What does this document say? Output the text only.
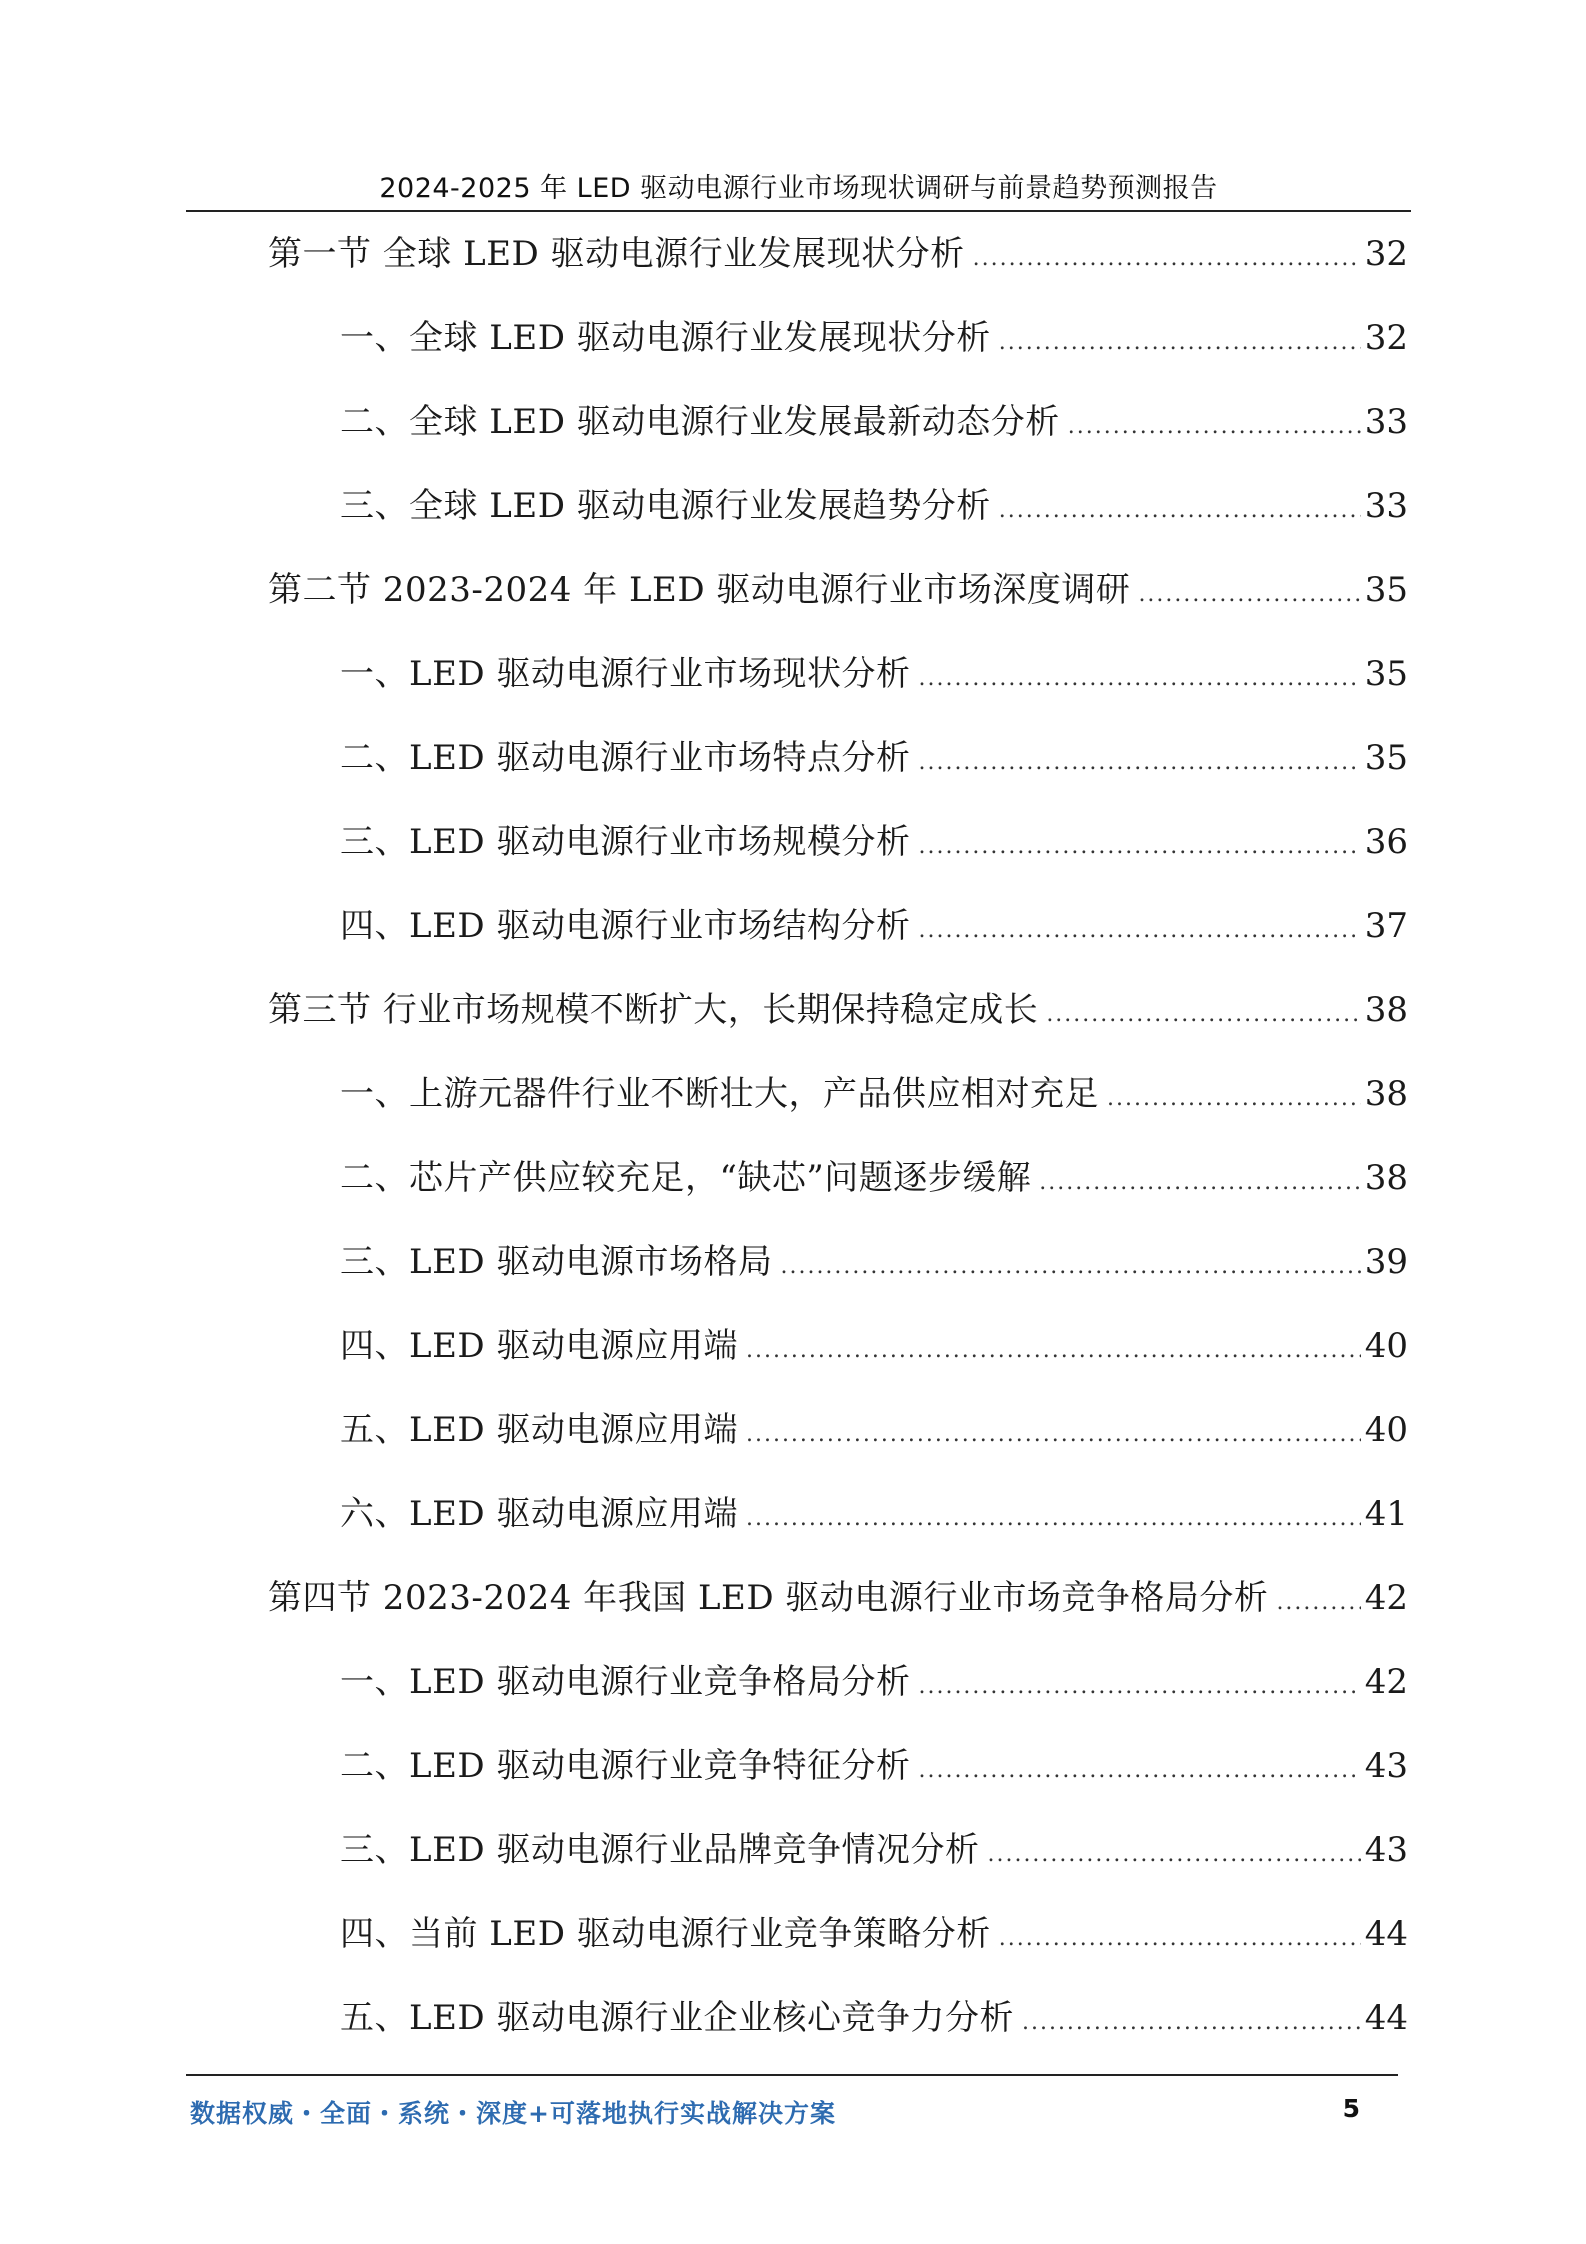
2024-2025 年 LED 驱动电源行业市场现状调研与前景趋势预测报告
第一节 全球 LED 驱动电源行业发展现状分析 .....	32
一、全球 LED 驱动电源行业发展现状分析 .....	32
二、全球 LED 驱动电源行业发展最新动态分析 .....	33
三、全球 LED 驱动电源行业发展趋势分析 .....	33
第二节 2023-2024 年 LED 驱动电源行业市场深度调研 .....	35
一、LED 驱动电源行业市场现状分析 .....	35
二、LED 驱动电源行业市场特点分析 .....	35
三、LED 驱动电源行业市场规模分析 .....	36
四、LED 驱动电源行业市场结构分析 .....	37
第三节 行业市场规模不断扩大，长期保持稳定成长 .....	38
一、上游元器件行业不断壮大，产品供应相对充足 .....	38
二、芯片产供应较充足，“缺芯”问题逐步缓解 .....	38
三、LED 驱动电源市场格局 .....	39
四、LED 驱动电源应用端 .....	40
五、LED 驱动电源应用端 .....	40
六、LED 驱动电源应用端 .....	41
第四节 2023-2024 年我国 LED 驱动电源行业市场竞争格局分析 .....	42
一、LED 驱动电源行业竞争格局分析 .....	42
二、LED 驱动电源行业竞争特征分析 .....	43
三、LED 驱动电源行业品牌竞争情况分析 .....	43
四、当前 LED 驱动电源行业竞争策略分析 .....	44
五、LED 驱动电源行业企业核心竞争力分析 .....	44
数据权威・全面・系统・深度+可落地执行实战解决方案	5
